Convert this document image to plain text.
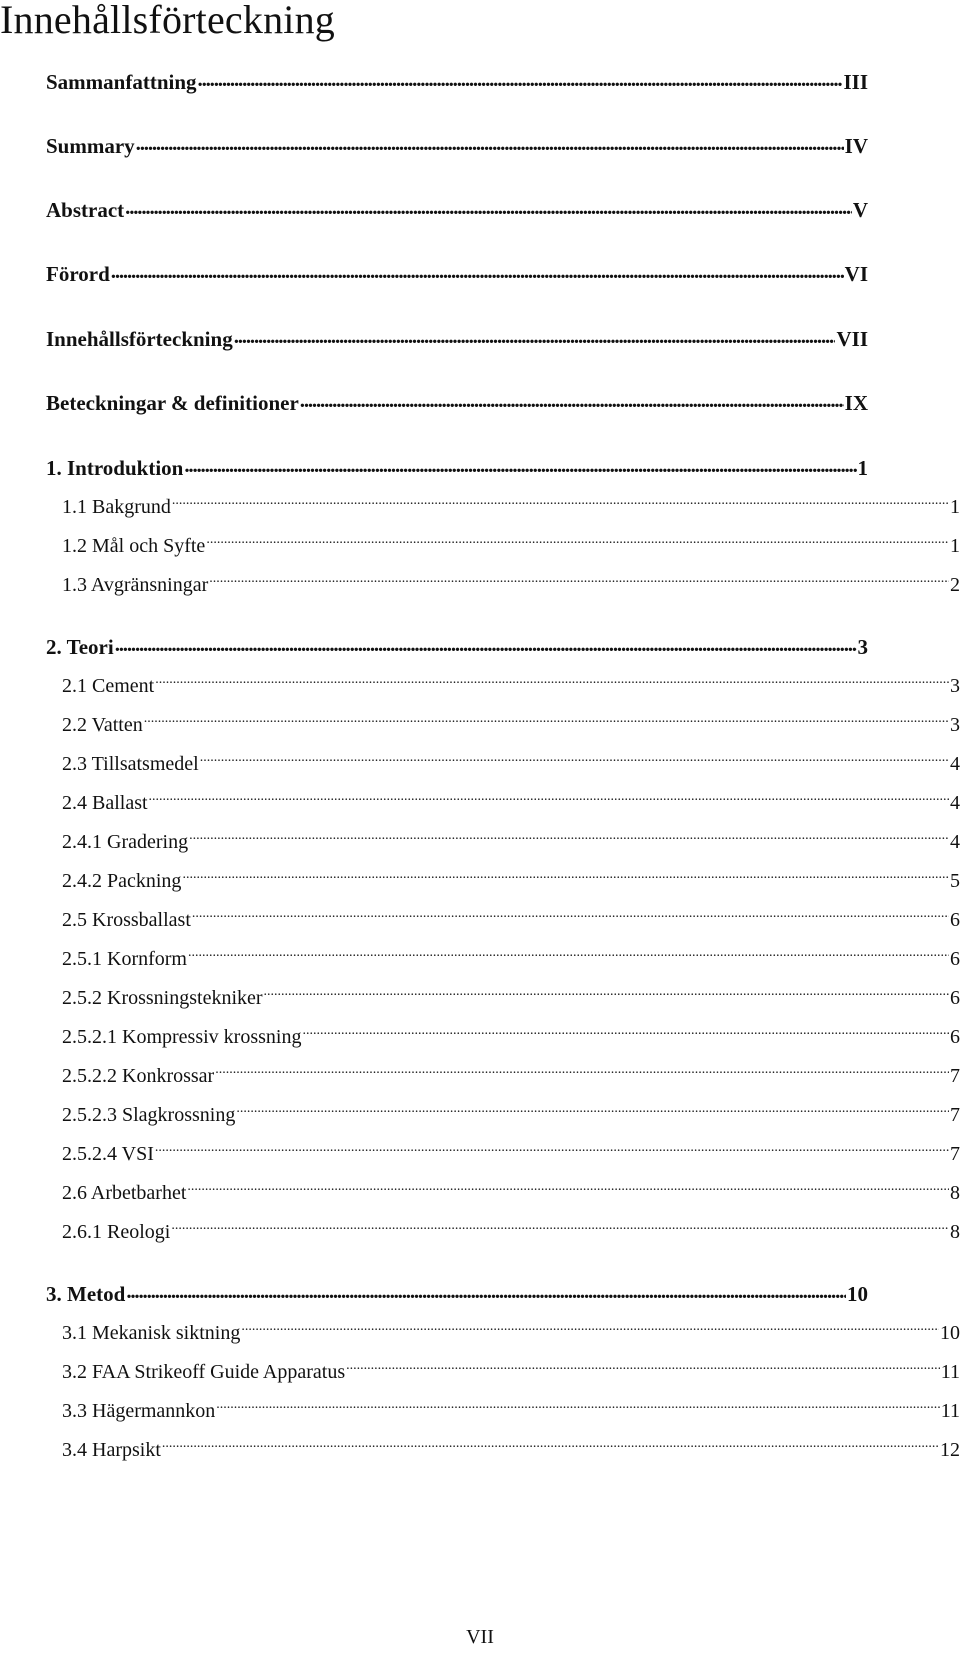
Innehållsförteckning
Sammanfattning .....	III
Summary .....	IV
Abstract .....	V
Förord .....	VI
Innehållsförteckning .....	VII
Beteckningar & definitioner .....	IX
1. Introduktion .....	1
1.1 Bakgrund .....	1
1.2 Mål och Syfte .....	1
1.3 Avgränsningar .....	2
2. Teori .....	3
2.1 Cement .....	3
2.2 Vatten .....	3
2.3 Tillsatsmedel .....	4
2.4 Ballast .....	4
2.4.1 Gradering .....	4
2.4.2 Packning .....	5
2.5 Krossballast .....	6
2.5.1 Kornform .....	6
2.5.2 Krossningstekniker .....	6
2.5.2.1 Kompressiv krossning .....	6
2.5.2.2 Konkrossar .....	7
2.5.2.3 Slagkrossning .....	7
2.5.2.4 VSI .....	7
2.6 Arbetbarhet .....	8
2.6.1 Reologi .....	8
3. Metod .....	10
3.1 Mekanisk siktning .....	10
3.2 FAA Strikeoff Guide Apparatus .....	11
3.3 Hägermannkon .....	11
3.4 Harpsikt .....	12
VII
